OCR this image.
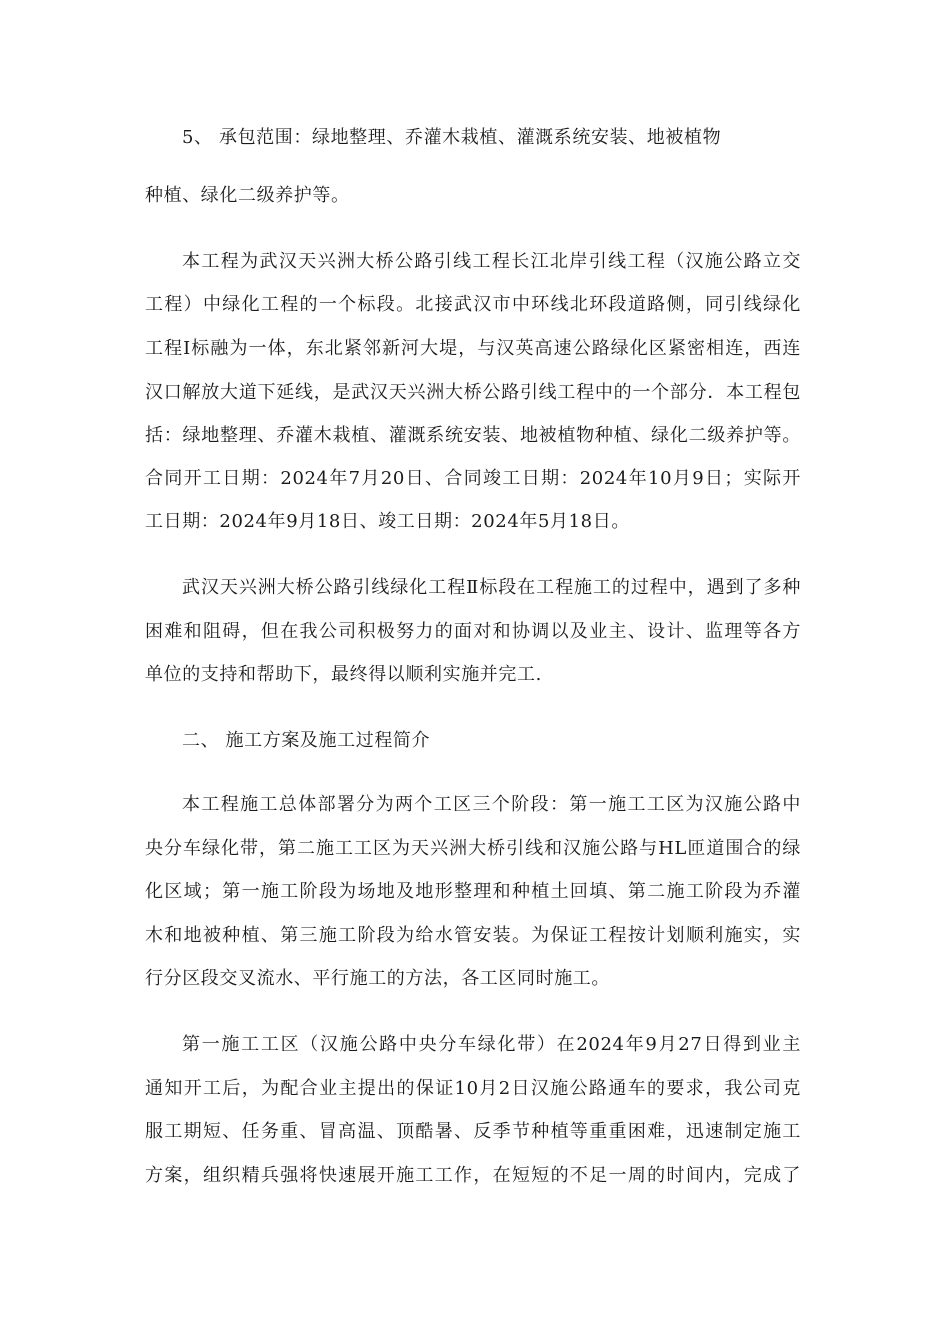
5、 承包范围：绿地整理、乔灌木栽植、灌溉系统安装、地被植物
种植、绿化二级养护等。
本工程为武汉天兴洲大桥公路引线工程长江北岸引线工程（汉施公路立交
工程）中绿化工程的一个标段。北接武汉市中环线北环段道路侧，同引线绿化
工程Ⅰ标融为一体，东北紧邻新河大堤，与汉英高速公路绿化区紧密相连，西连
汉口解放大道下延线，是武汉天兴洲大桥公路引线工程中的一个部分．本工程包
括：绿地整理、乔灌木栽植、灌溉系统安装、地被植物种植、绿化二级养护等。
合同开工日期：2024年7月20日、合同竣工日期：2024年10月9日；实际开
工日期：2024年9月18日、竣工日期：2024年5月18日。
武汉天兴洲大桥公路引线绿化工程Ⅱ标段在工程施工的过程中，遇到了多种
困难和阻碍，但在我公司积极努力的面对和协调以及业主、设计、监理等各方
单位的支持和帮助下，最终得以顺利实施并完工.
二、 施工方案及施工过程简介
本工程施工总体部署分为两个工区三个阶段：第一施工工区为汉施公路中
央分车绿化带，第二施工工区为天兴洲大桥引线和汉施公路与HL匝道围合的绿
化区域；第一施工阶段为场地及地形整理和种植土回填、第二施工阶段为乔灌
木和地被种植、第三施工阶段为给水管安装。为保证工程按计划顺利施实，实
行分区段交叉流水、平行施工的方法，各工区同时施工。
第一施工工区（汉施公路中央分车绿化带）在2024年9月27日得到业主
通知开工后，为配合业主提出的保证10月2日汉施公路通车的要求，我公司克
服工期短、任务重、冒高温、顶酷暑、反季节种植等重重困难，迅速制定施工
方案，组织精兵强将快速展开施工工作，在短短的不足一周的时间内，完成了
